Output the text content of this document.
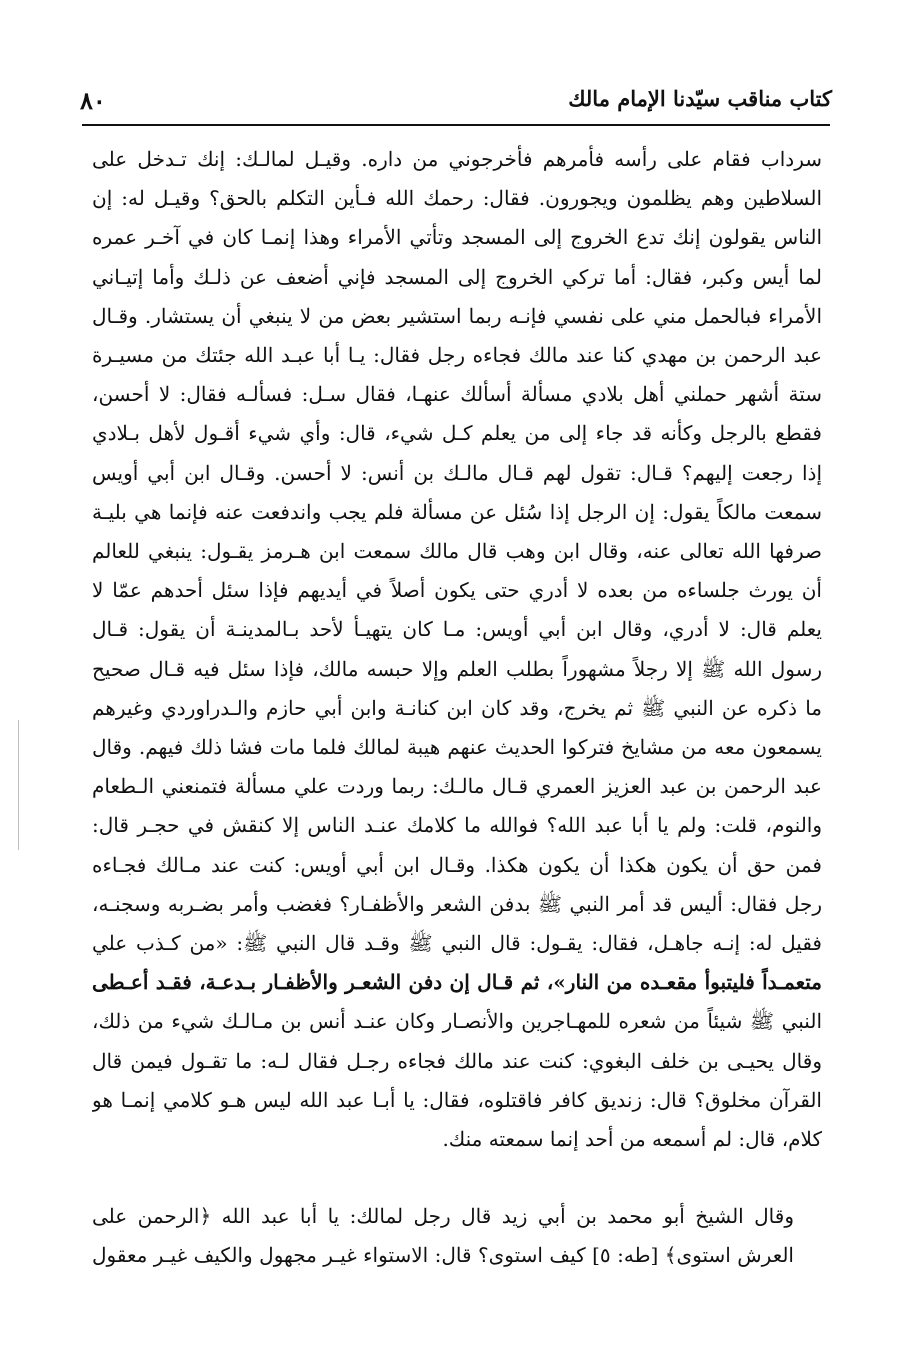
كتاب مناقب سيّدنا الإمام مالك
٨٠
سرداب فقام على رأسه فأمرهم فأخرجوني من داره. وقيـل لمالـك: إنك تـدخل على
السلاطين وهم يظلمون ويجورون. فقال: رحمك الله فـأين التكلم بالحق؟ وقيـل له: إن
الناس يقولون إنك تدع الخروج إلى المسجد وتأتي الأمراء وهذا إنمـا كان في آخـر عمره
لما أيس وكبر، فقال: أما تركي الخروج إلى المسجد فإني أضعف عن ذلـك وأما إتيـاني
الأمراء فبالحمل مني على نفسي فإنـه ربما استشير بعض من لا ينبغي أن يستشار. وقـال
عبد الرحمن بن مهدي كنا عند مالك فجاءه رجل فقال: يـا أبا عبـد الله جئتك من مسيـرة
ستة أشهر حملني أهل بلادي مسألة أسألك عنهـا، فقال سـل: فسألـه فقال: لا أحسن،
فقطع بالرجل وكأنه قد جاء إلى من يعلم كـل شيء، قال: وأي شيء أقـول لأهل بـلادي
إذا رجعت إليهم؟ قـال: تقول لهم قـال مالـك بن أنس: لا أحسن. وقـال ابن أبي أويس
سمعت مالكاً يقول: إن الرجل إذا سُئل عن مسألة فلم يجب واندفعت عنه فإنما هي بليـة
صرفها الله تعالى عنه، وقال ابن وهب قال مالك سمعت ابن هـرمز يقـول: ينبغي للعالم
أن يورث جلساءه من بعده لا أدري حتى يكون أصلاً في أيديهم فإذا سئل أحدهم عمّا لا
يعلم قال: لا أدري، وقال ابن أبي أويس: مـا كان يتهيـأ لأحد بـالمدينـة أن يقول: قـال
رسول الله ﷺ إلا رجلاً مشهوراً بطلب العلم وإلا حبسه مالك، فإذا سئل فيه قـال صحيح
ما ذكره عن النبي ﷺ ثم يخرج، وقد كان ابن كنانـة وابن أبي حازم والـدراوردي وغيرهم
يسمعون معه من مشايخ فتركوا الحديث عنهم هيبة لمالك فلما مات فشا ذلك فيهم. وقال
عبد الرحمن بن عبد العزيز العمري قـال مالـك: ربما وردت علي مسألة فتمنعني الـطعام
والنوم، قلت: ولم يا أبا عبد الله؟ فوالله ما كلامك عنـد الناس إلا كنقش في حجـر قال:
فمن حق أن يكون هكذا أن يكون هكذا. وقـال ابن أبي أويس: كنت عند مـالك فجـاءه
رجل فقال: أليس قد أمر النبي ﷺ بدفن الشعر والأظفـار؟ فغضب وأمر بضـربه وسجنـه،
فقيل له: إنـه جاهـل، فقال: يقـول: قال النبي ﷺ وقـد قال النبي ﷺ: «من كـذب علي
متعمـداً فليتبوأ مقعـده من النار»، ثم قـال إن دفن الشعـر والأظفـار بـدعـة، فقـد أعـطى
النبي ﷺ شيئاً من شعره للمهـاجرين والأنصـار وكان عنـد أنس بن مـالـك شيء من ذلك،
وقال يحيـى بن خلف البغوي: كنت عند مالك فجاءه رجـل فقال لـه: ما تقـول فيمن قال
القرآن مخلوق؟ قال: زنديق كافر فاقتلوه، فقال: يا أبـا عبد الله ليس هـو كلامي إنمـا هو
كلام، قال: لم أسمعه من أحد إنما سمعته منك.
وقال الشيخ أبو محمد بن أبي زيد قال رجل لمالك: يا أبا عبد الله ﴿الرحمن على
العرش استوى﴾ [طه: ٥] كيف استوى؟ قال: الاستواء غيـر مجهول والكيف غيـر معقول
